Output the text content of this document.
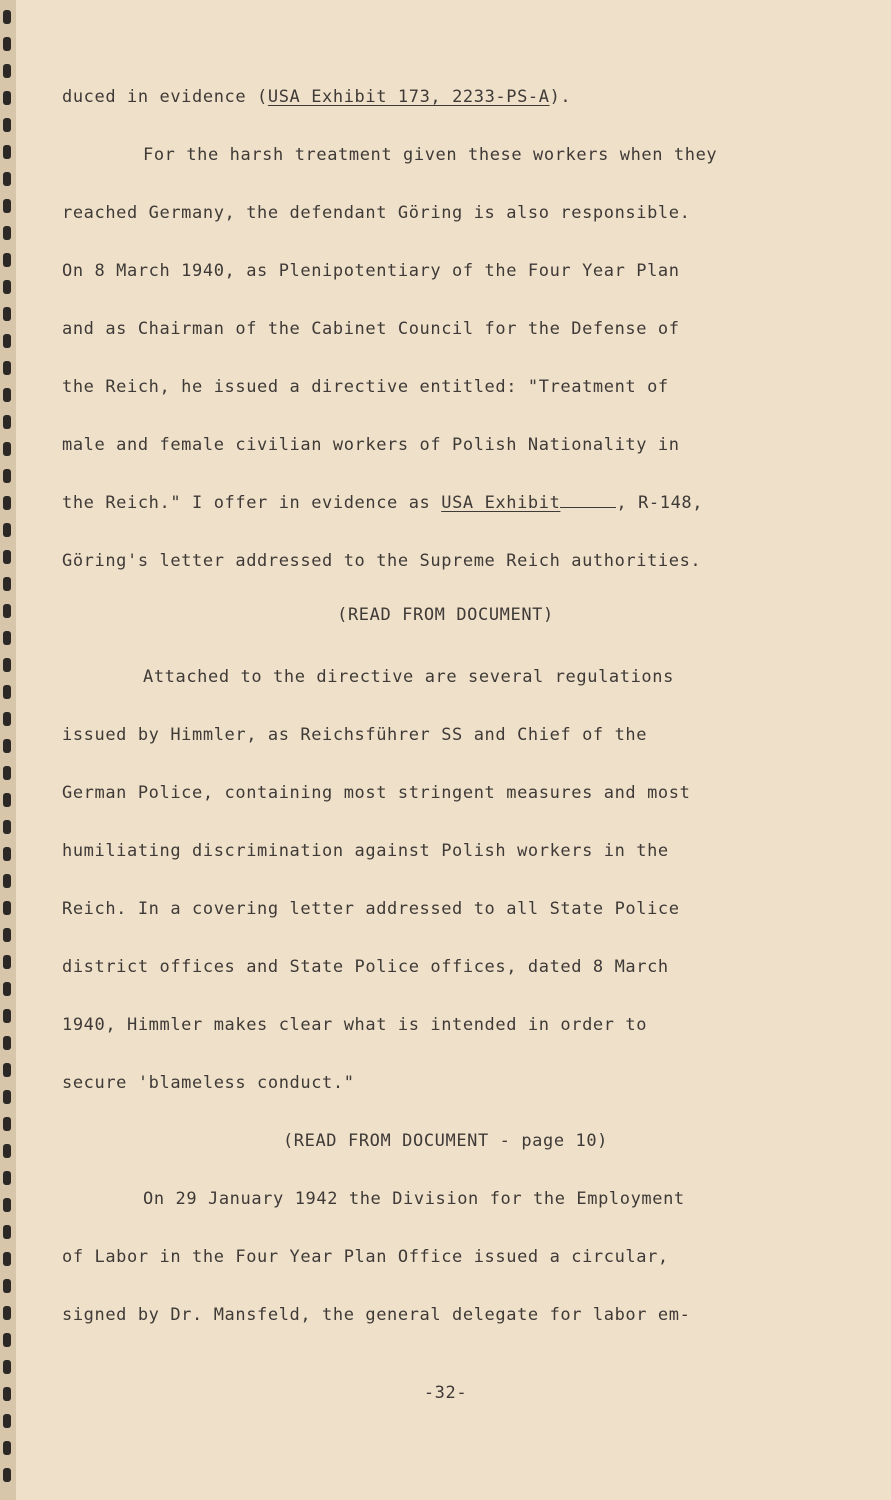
duced in evidence (USA Exhibit 173, 2233-PS-A).
For the harsh treatment given these workers when they
reached Germany, the defendant Göring is also responsible.
On 8 March 1940, as Plenipotentiary of the Four Year Plan
and as Chairman of the Cabinet Council for the Defense of
the Reich, he issued a directive entitled: "Treatment of
male and female civilian workers of Polish Nationality in
the Reich." I offer in evidence as USA Exhibit	, R-148,
Göring's letter addressed to the Supreme Reich authorities.
(READ FROM DOCUMENT)
Attached to the directive are several regulations
issued by Himmler, as Reichsführer SS and Chief of the
German Police, containing most stringent measures and most
humiliating discrimination against Polish workers in the
Reich. In a covering letter addressed to all State Police
district offices and State Police offices, dated 8 March
1940, Himmler makes clear what is intended in order to
secure 'blameless conduct."
(READ FROM DOCUMENT - page 10)
On 29 January 1942 the Division for the Employment
of Labor in the Four Year Plan Office issued a circular,
signed by Dr. Mansfeld, the general delegate for labor em-
-32-
